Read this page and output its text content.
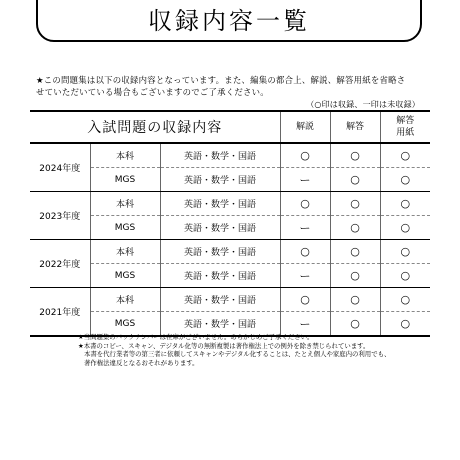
収録内容一覧
★この問題集は以下の収録内容となっています。また、編集の都合上、解説、解答用紙を省略さ
せていただいている場合もございますのでご了承ください。
（○印は収録、一印は未収録）
入試問題の収録内容			解説	解答	解答
用紙
2024年度	本科	英語・数学・国語	○	○	○
	MGS	英語・数学・国語	ー	○	○
2023年度	本科	英語・数学・国語	○	○	○
	MGS	英語・数学・国語	ー	○	○
2022年度	本科	英語・数学・国語	○	○	○
	MGS	英語・数学・国語	ー	○	○
2021年度	本科	英語・数学・国語	○	○	○
	MGS	英語・数学・国語	ー	○	○
★当問題集のバックナンバーは在庫がございません。あらかじめご了承ください。
★本書のコピー、スキャン、デジタル化等の無断複製は著作権法上での例外を除き禁じられています。
本書を代行業者等の第三者に依頼してスキャンやデジタル化することは、たとえ個人や家庭内の利用でも、
著作権法違反となるおそれがあります。
